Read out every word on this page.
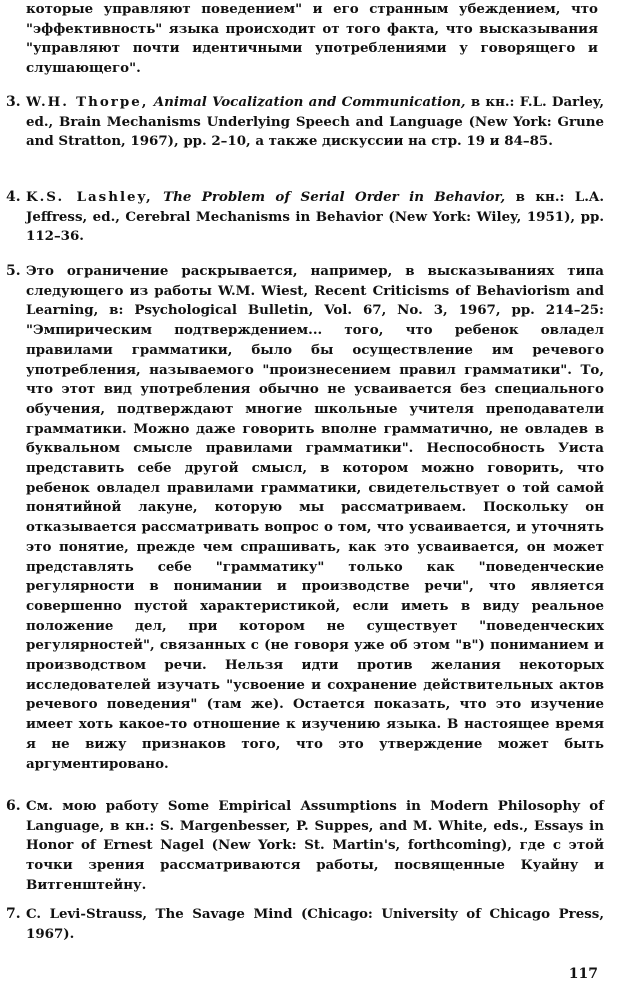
которые управляют поведением" и его странным убеждением, что "эффективность" языка происходит от того факта, что высказывания "управляют почти идентичными употреблениями у говорящего и слушающего".
3. W.H. Thorpe, Animal Vocalization and Communication, в кн.: F.L. Darley, ed., Brain Mechanisms Underlying Speech and Language (New York: Grune and Stratton, 1967), pp. 2–10, а также дискуссии на стр. 19 и 84–85.
4. K.S. Lashley, The Problem of Serial Order in Behavior, в кн.: L.A. Jeffress, ed., Cerebral Mechanisms in Behavior (New York: Wiley, 1951), pp. 112–36.
5. Это ограничение раскрывается, например, в высказываниях типа следующего из работы W.M. Wiest, Recent Criticisms of Behaviorism and Learning, в: Psychological Bulletin, Vol. 67, No. 3, 1967, pp. 214–25: "Эмпирическим подтверждением... того, что ребенок овладел правилами грамматики, было бы осуществление им речевого употребления, называемого "произнесением правил грамматики". То, что этот вид употребления обычно не усваивается без специального обучения, подтверждают многие школьные учителя преподаватели грамматики. Можно даже говорить вполне грамматично, не овладев в буквальном смысле правилами грамматики". Неспособность Уиста представить себе другой смысл, в котором можно говорить, что ребенок овладел правилами грамматики, свидетельствует о той самой понятийной лакуне, которую мы рассматриваем. Поскольку он отказывается рассматривать вопрос о том, что усваивается, и уточнять это понятие, прежде чем спрашивать, как это усваивается, он может представлять себе "грамматику" только как "поведенческие регулярности в понимании и производстве речи", что является совершенно пустой характеристикой, если иметь в виду реальное положение дел, при котором не существует "поведенческих регулярностей", связанных с (не говоря уже об этом "в") пониманием и производством речи. Нельзя идти против желания некоторых исследователей изучать "усвоение и сохранение действительных актов речевого поведения" (там же). Остается показать, что это изучение имеет хоть какое-то отношение к изучению языка. В настоящее время я не вижу признаков того, что это утверждение может быть аргументировано.
6. См. мою работу Some Empirical Assumptions in Modern Philosophy of Language, в кн.: S. Margenbesser, P. Suppes, and M. White, eds., Essays in Honor of Ernest Nagel (New York: St. Martin's, forthcoming), где с этой точки зрения рассматриваются работы, посвященные Куайну и Витгенштейну.
7. C. Levi-Strauss, The Savage Mind (Chicago: University of Chicago Press, 1967).
117
